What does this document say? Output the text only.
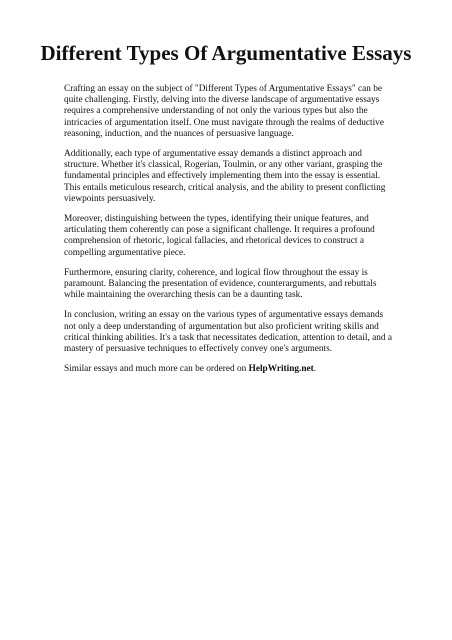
Different Types Of Argumentative Essays

Crafting an essay on the subject of "Different Types of Argumentative Essays" can be quite challenging. Firstly, delving into the diverse landscape of argumentative essays requires a comprehensive understanding of not only the various types but also the intricacies of argumentation itself. One must navigate through the realms of deductive reasoning, induction, and the nuances of persuasive language.

Additionally, each type of argumentative essay demands a distinct approach and structure. Whether it's classical, Rogerian, Toulmin, or any other variant, grasping the fundamental principles and effectively implementing them into the essay is essential. This entails meticulous research, critical analysis, and the ability to present conflicting viewpoints persuasively.

Moreover, distinguishing between the types, identifying their unique features, and articulating them coherently can pose a significant challenge. It requires a profound comprehension of rhetoric, logical fallacies, and rhetorical devices to construct a compelling argumentative piece.

Furthermore, ensuring clarity, coherence, and logical flow throughout the essay is paramount. Balancing the presentation of evidence, counterarguments, and rebuttals while maintaining the overarching thesis can be a daunting task.

In conclusion, writing an essay on the various types of argumentative essays demands not only a deep understanding of argumentation but also proficient writing skills and critical thinking abilities. It's a task that necessitates dedication, attention to detail, and a mastery of persuasive techniques to effectively convey one's arguments.

Similar essays and much more can be ordered on HelpWriting.net.
